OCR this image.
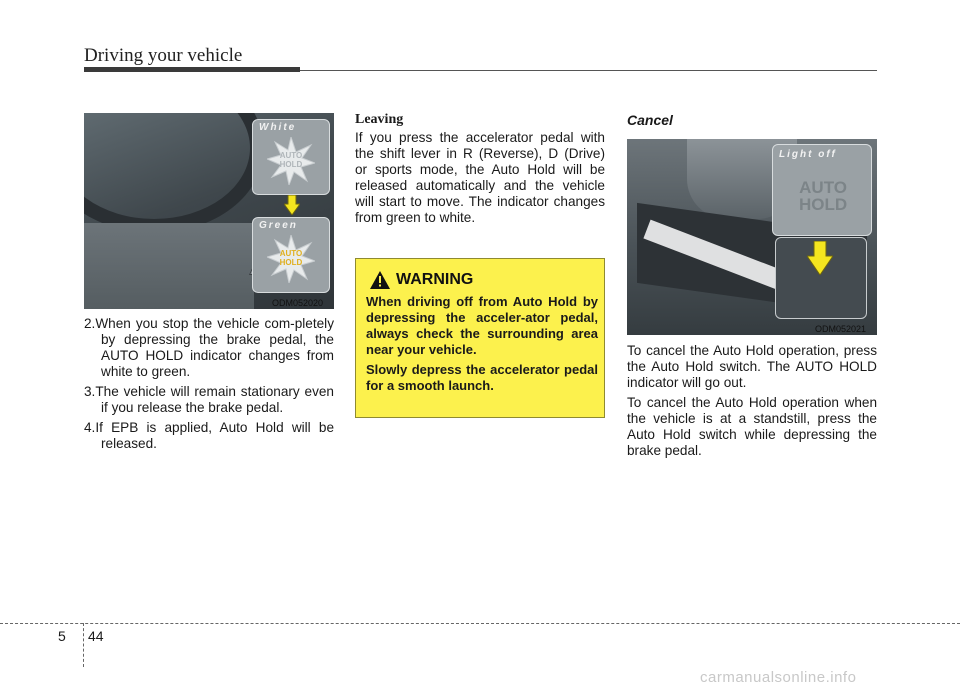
Driving your vehicle
White
AUTO
HOLD
Green
AUTO
HOLD
ODM052020

2.When you stop the vehicle com-pletely by depressing the brake pedal, the AUTO HOLD indicator changes from white to green.

3.The vehicle will remain stationary even if you release the brake pedal.

4.If EPB is applied, Auto Hold will be released.

Leaving

If you press the accelerator pedal with the shift lever in R (Reverse), D (Drive) or sports mode, the Auto Hold will be released automatically and the vehicle will start to move. The indicator changes from green to white.

WARNING

When driving off from Auto Hold by depressing the acceler-ator pedal, always check the surrounding area near your vehicle.

Slowly depress the accelerator pedal for a smooth launch.

Cancel
Light off
AUTO
HOLD
ODM052021

To cancel the Auto Hold operation, press the Auto Hold switch. The AUTO HOLD indicator will go out.

To cancel the Auto Hold operation when the vehicle is at a standstill, press the Auto Hold switch while depressing the brake pedal.

5 44
carmanualsonline.info
